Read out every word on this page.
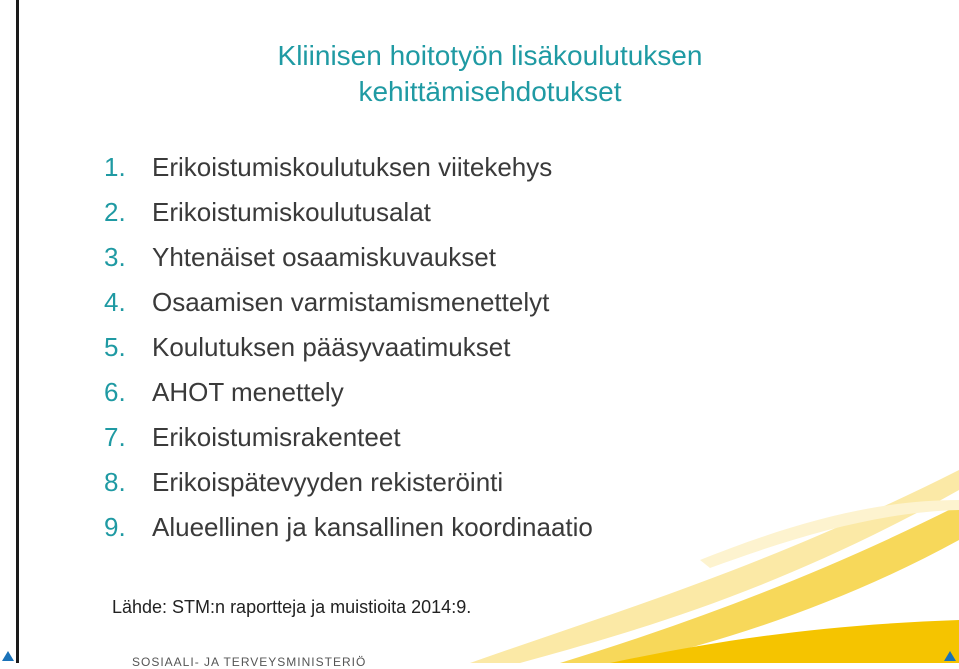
Kliinisen hoitotyön lisäkoulutuksen
kehittämisehdotukset
1.	Erikoistumiskoulutuksen viitekehys
2.	Erikoistumiskoulutusalat
3.	Yhtenäiset osaamiskuvaukset
4.	Osaamisen varmistamismenettelyt
5.	Koulutuksen pääsyvaatimukset
6.	AHOT menettely
7.	Erikoistumisrakenteet
8.	Erikoispätevyyden rekisteröinti
9.	Alueellinen ja kansallinen koordinaatio
Lähde: STM:n raportteja ja muistioita 2014:9.
SOSIAALI- JA TERVEYSMINISTERIÖ
